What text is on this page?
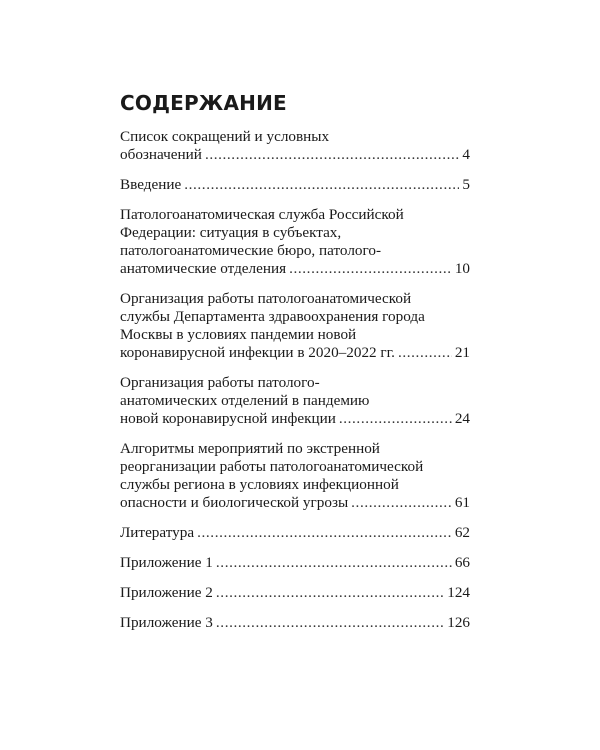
СОДЕРЖАНИЕ
Список сокращений и условных
обозначений . . .	4
Введение . . .	5
Патологоанатомическая служба Российской
Федерации: ситуация в субъектах,
патологоанатомические бюро, патолого-
анатомические отделения . . .	10
Организация работы патологоанатомической
службы Департамента здравоохранения города
Москвы в условиях пандемии новой
коронавирусной инфекции в 2020–2022 гг. . . .	21
Организация работы патолого-
анатомических отделений в пандемию
новой коронавирусной инфекции . . .	24
Алгоритмы мероприятий по экстренной
реорганизации работы патологоанатомической
службы региона в условиях инфекционной
опасности и биологической угрозы . . .	61
Литература . . .	62
Приложение 1 . . .	66
Приложение 2 . . .	124
Приложение 3 . . .	126
